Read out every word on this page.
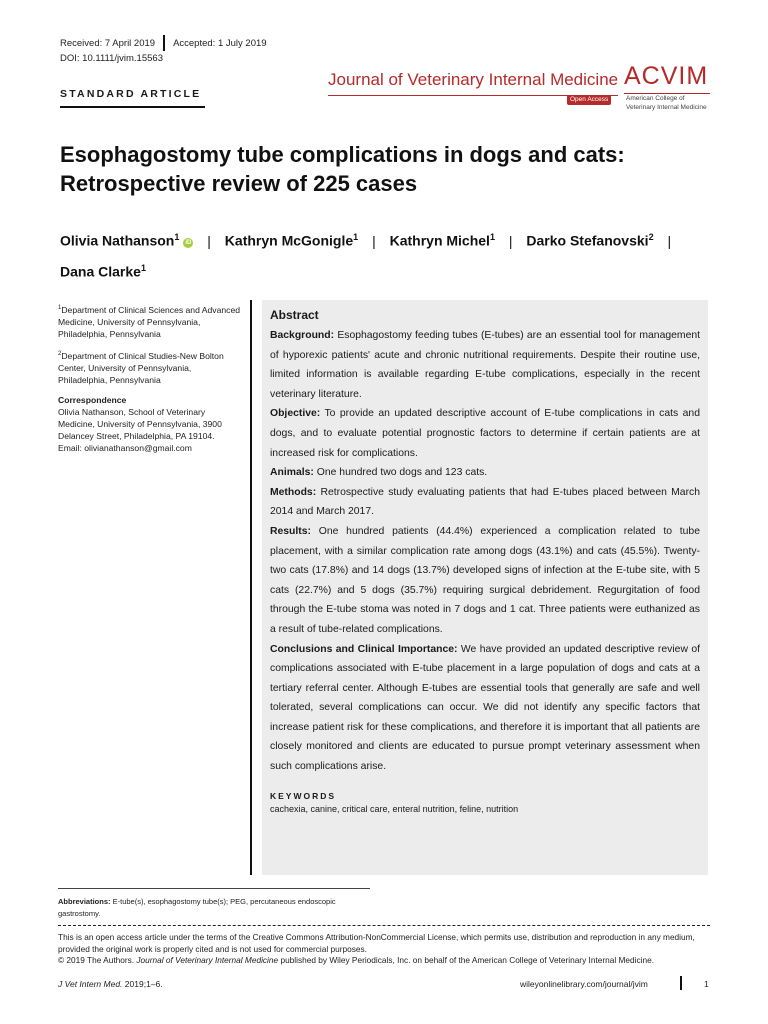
Received: 7 April 2019 Accepted: 1 July 2019
DOI: 10.1111/jvim.15563
STANDARD ARTICLE
Journal of Veterinary Internal Medicine
Open Access
ACVIM
American College of
Veterinary Internal Medicine
Esophagostomy tube complications in dogs and cats:
Retrospective review of 225 cases
Olivia Nathanson$^1$iD | Kathryn McGonigle$^1$ | Kathryn Michel$^1$ | Darko Stefanovski$^2$ |
Dana Clarke$^1$

$^1$Department of Clinical Sciences and Advanced Medicine, University of Pennsylvania, Philadelphia, Pennsylvania

$^2$Department of Clinical Studies-New Bolton Center, University of Pennsylvania, Philadelphia, Pennsylvania

Correspondence

Olivia Nathanson, School of Veterinary Medicine, University of Pennsylvania, 3900 Delancey Street, Philadelphia, PA 19104.

Email: olivianathanson@gmail.com

Abstract

Background: Esophagostomy feeding tubes (E-tubes) are an essential tool for management of hyporexic patients' acute and chronic nutritional requirements. Despite their routine use, limited information is available regarding E-tube complications, especially in the recent veterinary literature.

Objective: To provide an updated descriptive account of E-tube complications in cats and dogs, and to evaluate potential prognostic factors to determine if certain patients are at increased risk for complications.

Animals: One hundred two dogs and 123 cats.

Methods: Retrospective study evaluating patients that had E-tubes placed between March 2014 and March 2017.

Results: One hundred patients (44.4%) experienced a complication related to tube placement, with a similar complication rate among dogs (43.1%) and cats (45.5%). Twenty-two cats (17.8%) and 14 dogs (13.7%) developed signs of infection at the E-tube site, with 5 cats (22.7%) and 5 dogs (35.7%) requiring surgical debridement. Regurgitation of food through the E-tube stoma was noted in 7 dogs and 1 cat. Three patients were euthanized as a result of tube-related complications.

Conclusions and Clinical Importance: We have provided an updated descriptive review of complications associated with E-tube placement in a large population of dogs and cats at a tertiary referral center. Although E-tubes are essential tools that generally are safe and well tolerated, several complications can occur. We did not identify any specific factors that increase patient risk for these complications, and therefore it is important that all patients are closely monitored and clients are educated to pursue prompt veterinary assessment when such complications arise.

KEYWORDS

cachexia, canine, critical care, enteral nutrition, feline, nutrition

Abbreviations: E-tube(s), esophagostomy tube(s); PEG, percutaneous endoscopic gastrostomy.
This is an open access article under the terms of the Creative Commons Attribution-NonCommercial License, which permits use, distribution and reproduction in any medium, provided the original work is properly cited and is not used for commercial purposes.
© 2019 The Authors. Journal of Veterinary Internal Medicine published by Wiley Periodicals, Inc. on behalf of the American College of Veterinary Internal Medicine.
J Vet Intern Med. 2019;1–6.	wileyonlinelibrary.com/journal/jvim	1
